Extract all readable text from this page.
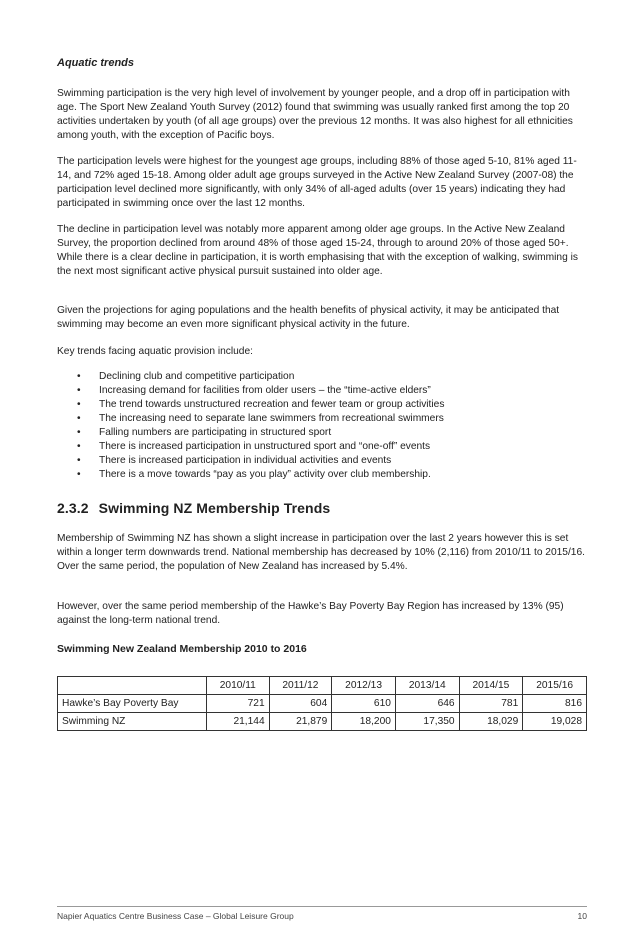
Aquatic trends

Swimming participation is the very high level of involvement by younger people, and a drop off in participation with age. The Sport New Zealand Youth Survey (2012) found that swimming was usually ranked first among the top 20 activities undertaken by youth (of all age groups) over the previous 12 months. It was also highest for all ethnicities among youth, with the exception of Pacific boys.

The participation levels were highest for the youngest age groups, including 88% of those aged 5-10, 81% aged 11-14, and 72% aged 15-18. Among older adult age groups surveyed in the Active New Zealand Survey (2007-08) the participation level declined more significantly, with only 34% of all-aged adults (over 15 years) indicating they had participated in swimming once over the last 12 months.

The decline in participation level was notably more apparent among older age groups. In the Active New Zealand Survey, the proportion declined from around 48% of those aged 15-24, through to around 20% of those aged 50+. While there is a clear decline in participation, it is worth emphasising that with the exception of walking, swimming is the next most significant active physical pursuit sustained into older age.

Given the projections for aging populations and the health benefits of physical activity, it may be anticipated that swimming may become an even more significant physical activity in the future.

Key trends facing aquatic provision include:

• Declining club and competitive participation
• Increasing demand for facilities from older users – the “time-active elders”
• The trend towards unstructured recreation and fewer team or group activities
• The increasing need to separate lane swimmers from recreational swimmers
• Falling numbers are participating in structured sport
• There is increased participation in unstructured sport and “one-off” events
• There is increased participation in individual activities and events
• There is a move towards “pay as you play” activity over club membership.
2.3.2 Swimming NZ Membership Trends

Membership of Swimming NZ has shown a slight increase in participation over the last 2 years however this is set within a longer term downwards trend. National membership has decreased by 10% (2,116) from 2010/11 to 2015/16. Over the same period, the population of New Zealand has increased by 5.4%.

However, over the same period membership of the Hawke’s Bay Poverty Bay Region has increased by 13% (95) against the long-term national trend.

Swimming New Zealand Membership 2010 to 2016
	2010/11	2011/12	2012/13	2013/14	2014/15	2015/16
Hawke’s Bay Poverty Bay	721	604	610	646	781	816
Swimming NZ	21,144	21,879	18,200	17,350	18,029	19,028
Napier Aquatics Centre Business Case – Global Leisure Group	10
